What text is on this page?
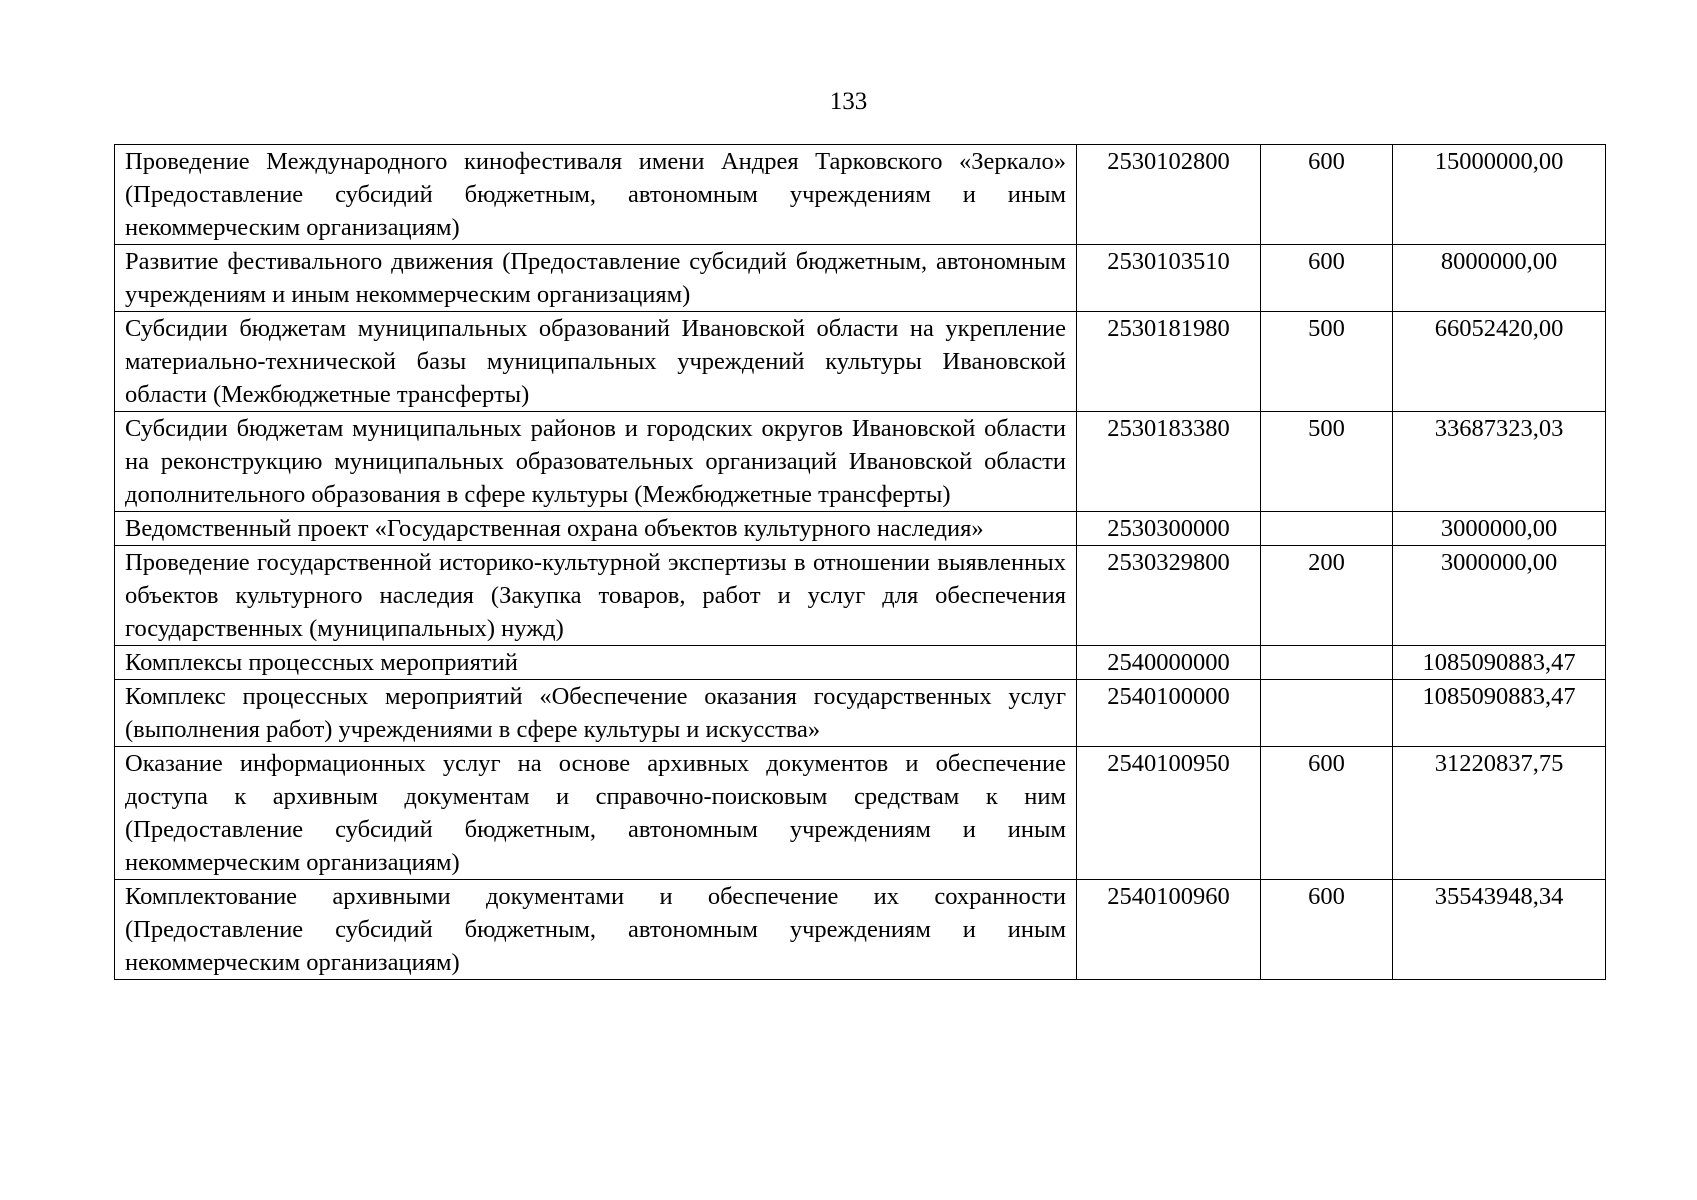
133
Проведение Международного кинофестиваля имени Андрея Тарковского «Зеркало» (Предоставление субсидий бюджетным, автономным учреждениям и иным некоммерческим организациям)	2530102800	600	15000000,00
Развитие фестивального движения (Предоставление субсидий бюджетным, автономным учреждениям и иным некоммерческим организациям)	2530103510	600	8000000,00
Субсидии бюджетам муниципальных образований Ивановской области на укрепление материально-технической базы муниципальных учреждений культуры Ивановской области (Межбюджетные трансферты)	2530181980	500	66052420,00
Субсидии бюджетам муниципальных районов и городских округов Ивановской области на реконструкцию муниципальных образовательных организаций Ивановской области дополнительного образования в сфере культуры (Межбюджетные трансферты)	2530183380	500	33687323,03
Ведомственный проект «Государственная охрана объектов культурного наследия»	2530300000		3000000,00
Проведение государственной историко-культурной экспертизы в отношении выявленных объектов культурного наследия (Закупка товаров, работ и услуг для обеспечения государственных (муниципальных) нужд)	2530329800	200	3000000,00
Комплексы процессных мероприятий	2540000000		1085090883,47
Комплекс процессных мероприятий «Обеспечение оказания государственных услуг (выполнения работ) учреждениями в сфере культуры и искусства»	2540100000		1085090883,47
Оказание информационных услуг на основе архивных документов и обеспечение доступа к архивным документам и справочно-поисковым средствам к ним (Предоставление субсидий бюджетным, автономным учреждениям и иным некоммерческим организациям)	2540100950	600	31220837,75
Комплектование архивными документами и обеспечение их сохранности (Предоставление субсидий бюджетным, автономным учреждениям и иным некоммерческим организациям)	2540100960	600	35543948,34
